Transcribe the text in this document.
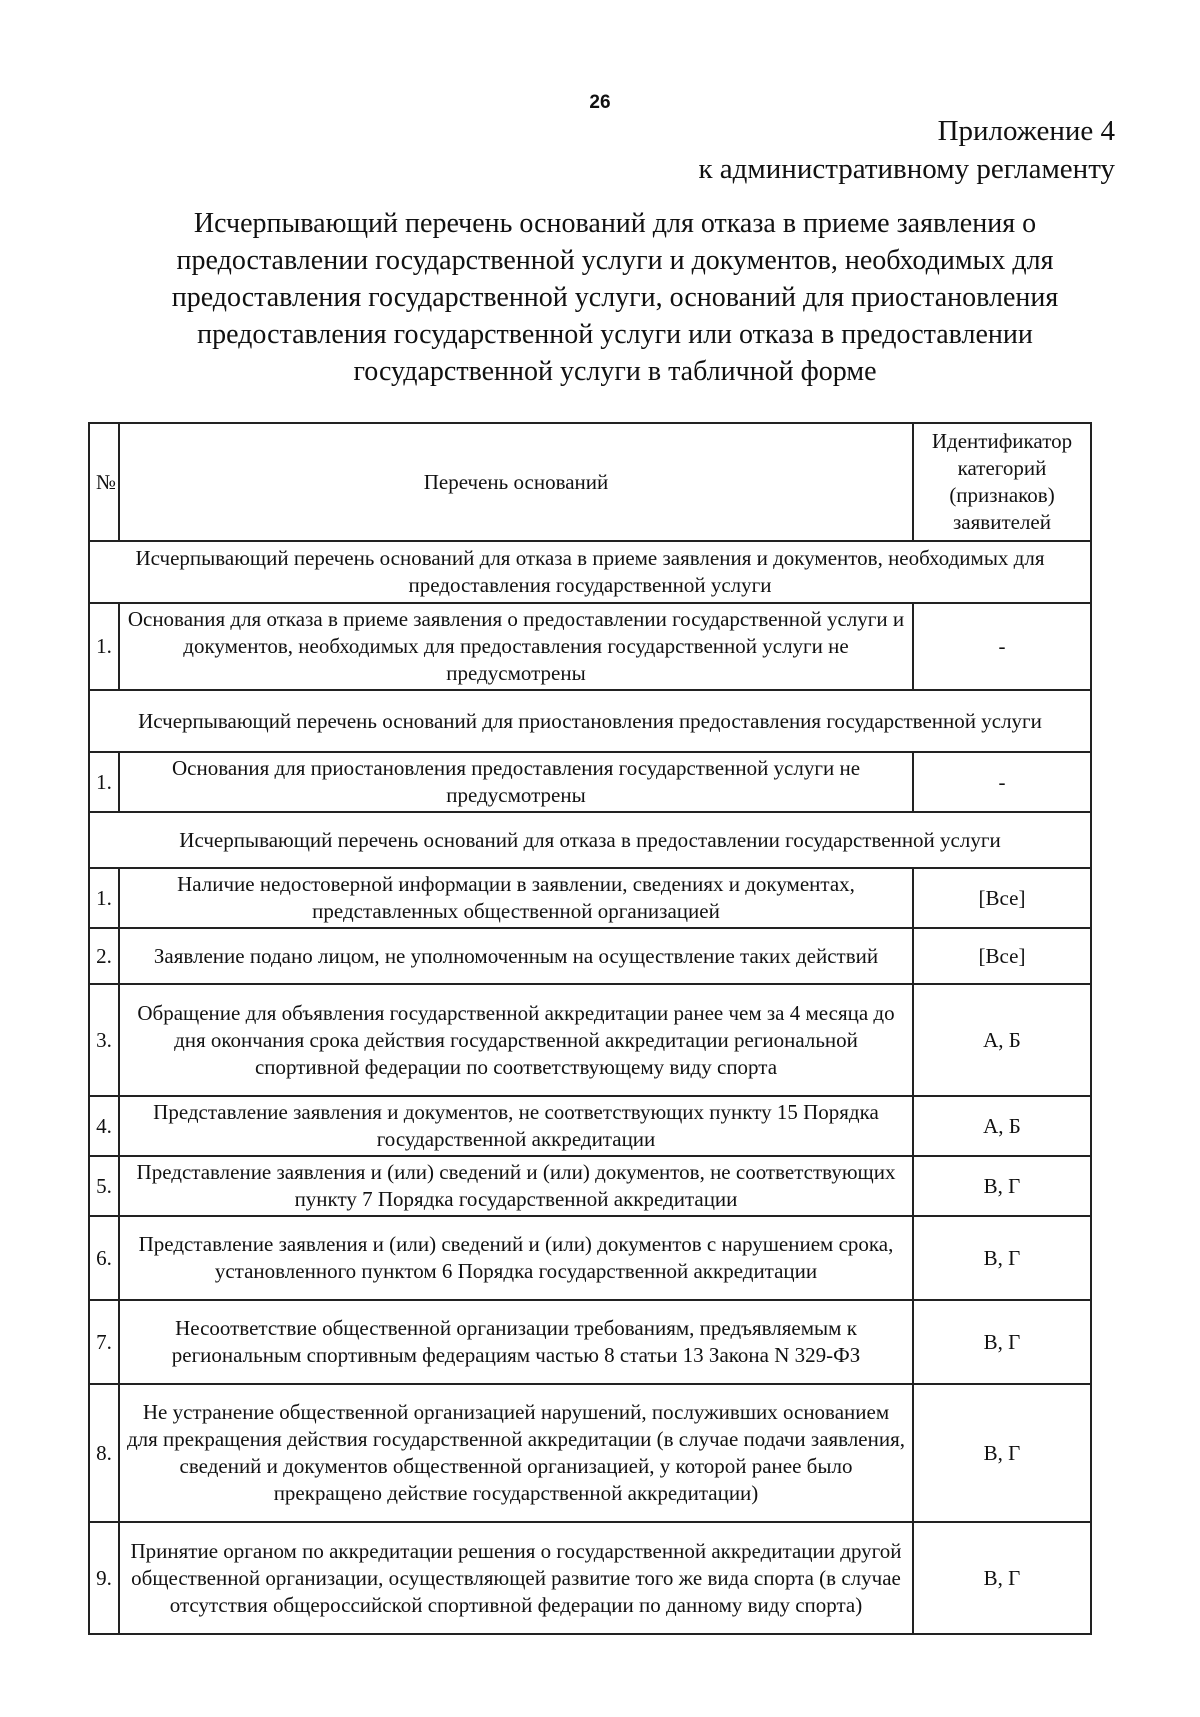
26
Приложение 4
к административному регламенту
Исчерпывающий перечень оснований для отказа в приеме заявления о предоставлении государственной услуги и документов, необходимых для предоставления государственной услуги, оснований для приостановления предоставления государственной услуги или отказа в предоставлении государственной услуги в табличной форме
№	Перечень оснований	Идентификатор категорий (признаков) заявителей
Исчерпывающий перечень оснований для отказа в приеме заявления и документов, необходимых для предоставления государственной услуги		
1.	Основания для отказа в приеме заявления о предоставлении государственной услуги и документов, необходимых для предоставления государственной услуги не предусмотрены	-
Исчерпывающий перечень оснований для приостановления предоставления государственной услуги		
1.	Основания для приостановления предоставления государственной услуги не предусмотрены	-
Исчерпывающий перечень оснований для отказа в предоставлении государственной услуги		
1.	Наличие недостоверной информации в заявлении, сведениях и документах, представленных общественной организацией	[Все]
2.	Заявление подано лицом, не уполномоченным на осуществление таких действий	[Все]
3.	Обращение для объявления государственной аккредитации ранее чем за 4 месяца до дня окончания срока действия государственной аккредитации региональной спортивной федерации по соответствующему виду спорта	А, Б
4.	Представление заявления и документов, не соответствующих пункту 15 Порядка государственной аккредитации	А, Б
5.	Представление заявления и (или) сведений и (или) документов, не соответствующих пункту 7 Порядка государственной аккредитации	В, Г
6.	Представление заявления и (или) сведений и (или) документов с нарушением срока, установленного пунктом 6 Порядка государственной аккредитации	В, Г
7.	Несоответствие общественной организации требованиям, предъявляемым к региональным спортивным федерациям частью 8 статьи 13 Закона N 329-ФЗ	В, Г
8.	Не устранение общественной организацией нарушений, послуживших основанием для прекращения действия государственной аккредитации (в случае подачи заявления, сведений и документов общественной организацией, у которой ранее было прекращено действие государственной аккредитации)	В, Г
9.	Принятие органом по аккредитации решения о государственной аккредитации другой общественной организации, осуществляющей развитие того же вида спорта (в случае отсутствия общероссийской спортивной федерации по данному виду спорта)	В, Г
